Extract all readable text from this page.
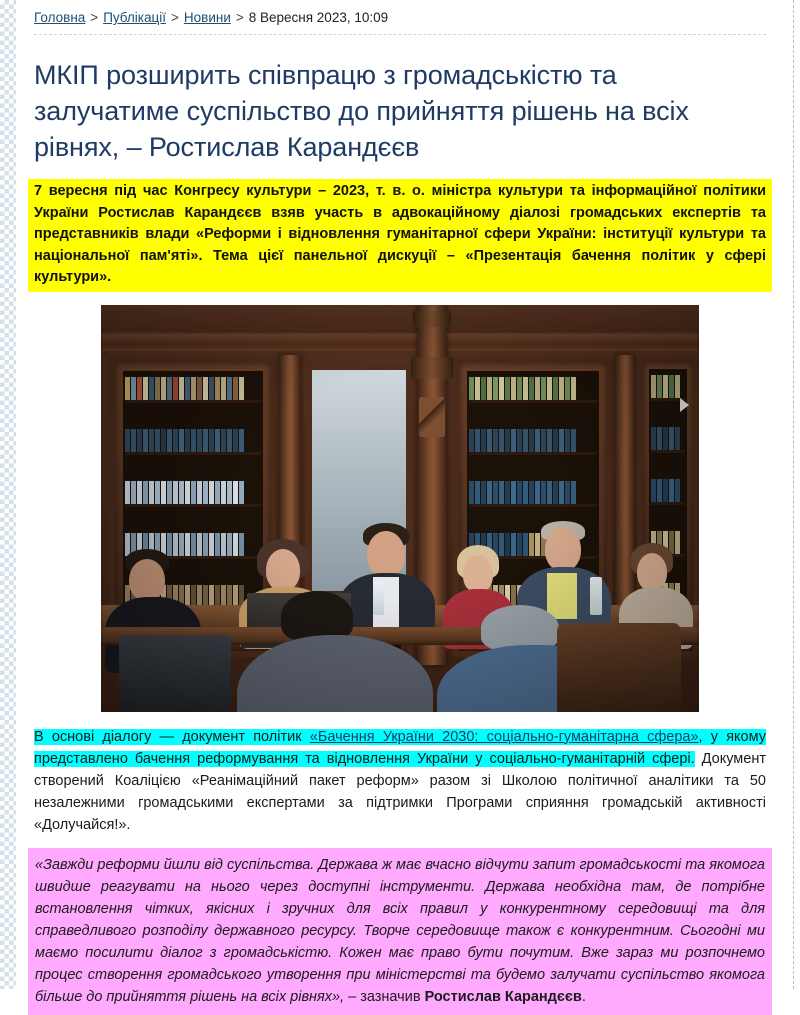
Головна > Публікації > Новини > 8 Вересня 2023, 10:09
МКІП розширить співпрацю з громадськістю та залучатиме суспільство до прийняття рішень на всіх рівнях, – Ростислав Карандєєв
7 вересня під час Конгресу культури – 2023, т. в. о. міністра культури та інформаційної політики України Ростислав Карандєєв взяв участь в адвокаційному діалозі громадських експертів та представників влади «Реформи і відновлення гуманітарної сфери України: інституції культури та національної пам'яті». Тема цієї панельної дискуції – «Презентація бачення політик у сфері культури».

В основі діалогу — документ політик «Бачення України 2030: соціально-гуманітарна сфера», у якому представлено бачення реформування та відновлення України у соціально-гуманітарній сфері. Документ створений Коаліцією «Реанімаційний пакет реформ» разом зі Школою політичної аналітики та 50 незалежними громадськими експертами за підтримки Програми сприяння громадській активності «Долучайся!».

«Завжди реформи йшли від суспільства. Держава ж має вчасно відчути запит громадськості та якомога швидше реагувати на нього через доступні інструменти. Держава необхідна там, де потрібне встановлення чітких, якісних і зручних для всіх правил у конкурентному середовищі та для справедливого розподілу державного ресурсу. Творче середовище також є конкурентним. Сьогодні ми маємо посилити діалог з громадськістю. Кожен має право бути почутим. Вже зараз ми розпочнемо процес створення громадського утворення при міністерстві та будемо залучати суспільство якомога більше до прийняття рішень на всіх рівнях», – зазначив Ростислав Карандєєв.
